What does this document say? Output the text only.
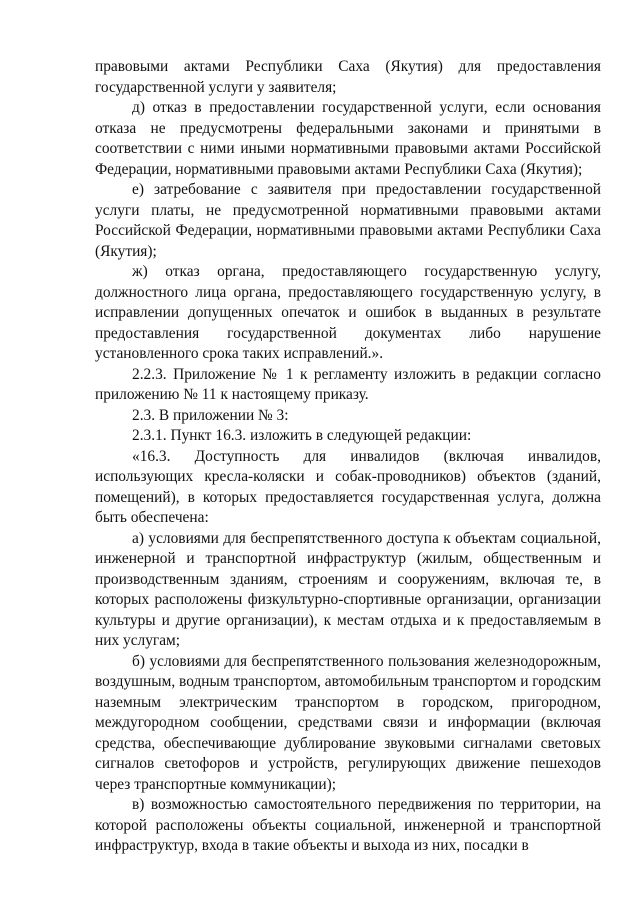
правовыми актами Республики Саха (Якутия) для предоставления государственной услуги у заявителя;

д) отказ в предоставлении государственной услуги, если основания отказа не предусмотрены федеральными законами и принятыми в соответствии с ними иными нормативными правовыми актами Российской Федерации, нормативными правовыми актами Республики Саха (Якутия);

е) затребование с заявителя при предоставлении государственной услуги платы, не предусмотренной нормативными правовыми актами Российской Федерации, нормативными правовыми актами Республики Саха (Якутия);

ж) отказ органа, предоставляющего государственную услугу, должностного лица органа, предоставляющего государственную услугу, в исправлении допущенных опечаток и ошибок в выданных в результате предоставления государственной документах либо нарушение установленного срока таких исправлений.».

2.2.3. Приложение № 1 к регламенту изложить в редакции согласно приложению № 11 к настоящему приказу.

2.3. В приложении № 3:

2.3.1. Пункт 16.3. изложить в следующей редакции:

«16.3. Доступность для инвалидов (включая инвалидов, использующих кресла-коляски и собак-проводников) объектов (зданий, помещений), в которых предоставляется государственная услуга, должна быть обеспечена:

а) условиями для беспрепятственного доступа к объектам социальной, инженерной и транспортной инфраструктур (жилым, общественным и производственным зданиям, строениям и сооружениям, включая те, в которых расположены физкультурно-спортивные организации, организации культуры и другие организации), к местам отдыха и к предоставляемым в них услугам;

б) условиями для беспрепятственного пользования железнодорожным, воздушным, водным транспортом, автомобильным транспортом и городским наземным электрическим транспортом в городском, пригородном, междугородном сообщении, средствами связи и информации (включая средства, обеспечивающие дублирование звуковыми сигналами световых сигналов светофоров и устройств, регулирующих движение пешеходов через транспортные коммуникации);

в) возможностью самостоятельного передвижения по территории, на которой расположены объекты социальной, инженерной и транспортной инфраструктур, входа в такие объекты и выхода из них, посадки в
